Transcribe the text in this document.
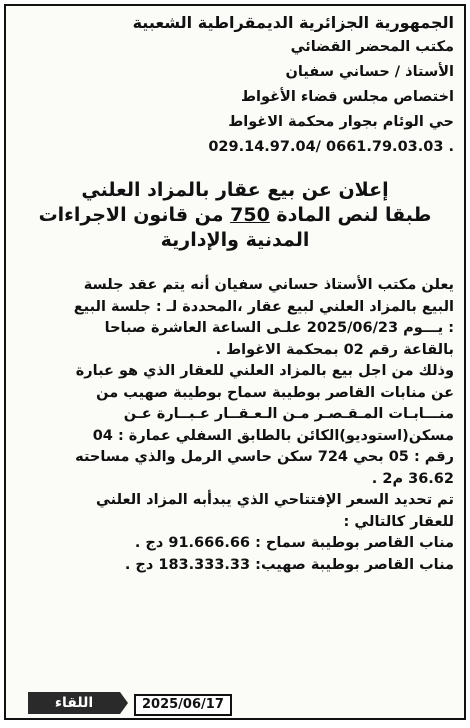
الجمهورية الجزائرية الديمقراطية الشعبية
مكتب المحضر القضائي
الأستاذ / حساني سفيان
اختصاص مجلس قضاء الأغواط
حي الوئام بجوار محكمة الاغواط
029.14.97.04/ 0661.79.03.03 .
إعلان عن بيع عقار بالمزاد العلني
طبقا لنص المادة 750 من قانون الاجراءات
المدنية والإدارية
يعلن مكتب الأستاذ حساني سفيان أنه يتم عقد جلسة
البيع بالمزاد العلني لبيع عقار ،المحددة لـ : جلسة البيع
: يـــوم 2025/06/23 علـى الساعة العاشرة صباحا
بالقاعة رقم 02 بمحكمة الاغواط .
وذلك من اجل بيع بالمزاد العلني للعقار الذي هو عبارة
عن منابات القاصر بوطيبة سماح بوطيبة صهيب من
منـــابـات المـقـصـر مـن الـعـقــار عـبــارة عـن
مسكن(استوديو)الكائن بالطابق السفلي عمارة : 04
رقم : 05 بحي 724 سكن حاسي الرمل والذي مساحته
36.62 م2 .
تم تحديد السعر الإفتتاحي الذي يبدأبه المزاد العلني
للعقار كالتالي :
مناب القاصر بوطيبة سماح : 91.666.66 دج .
مناب القاصر بوطيبة صهيب: 183.333.33 دج .
2025/06/17
اللقاء
